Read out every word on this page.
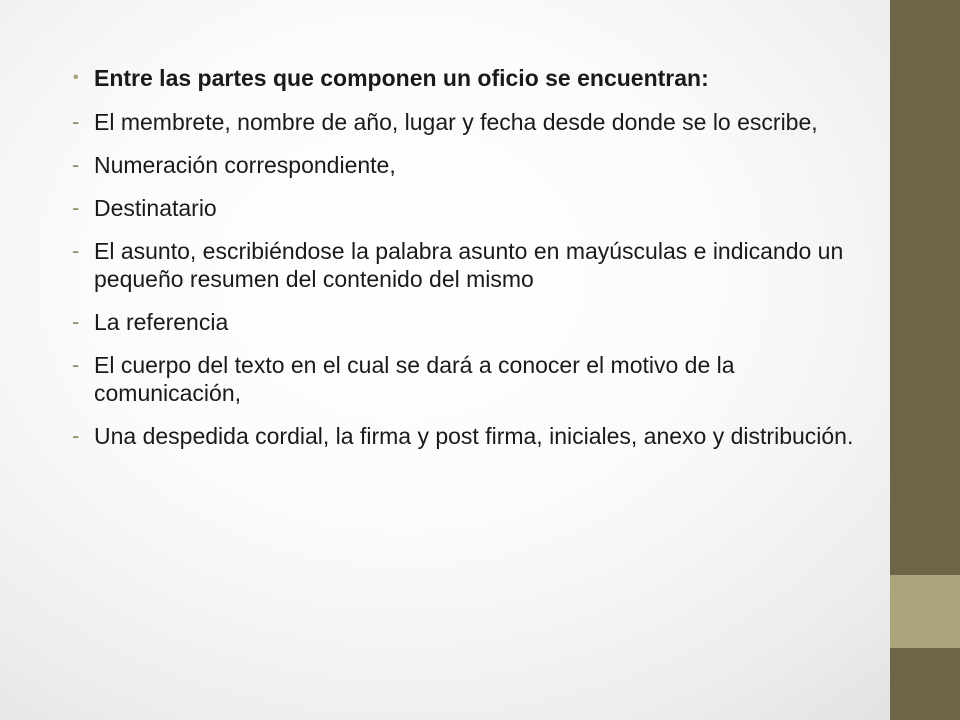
• Entre las partes que componen un oficio se encuentran:
- El membrete, nombre de año, lugar y fecha desde donde se lo escribe,
- Numeración correspondiente,
- Destinatario
- El asunto, escribiéndose la palabra asunto en mayúsculas e indicando un pequeño resumen del contenido del mismo
- La referencia
- El cuerpo del texto en el cual se dará a conocer el motivo de la comunicación,
- Una despedida cordial, la firma y post firma, iniciales, anexo y distribución.
